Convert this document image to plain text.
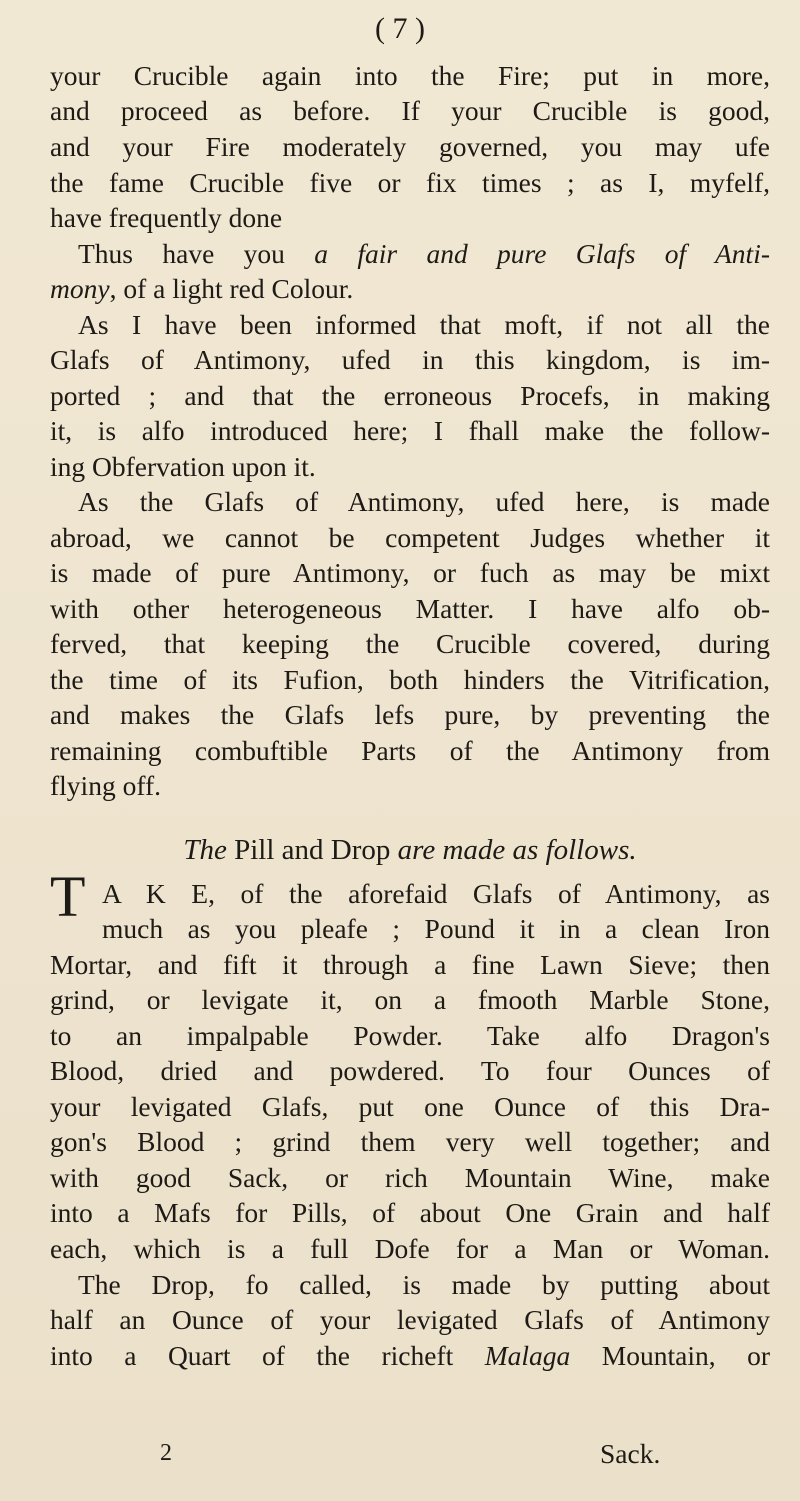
( 7 )
your Crucible again into the Fire; put in more,
and proceed as before. If your Crucible is good,
and your Fire moderately governed, you may ufe
the fame Crucible five or fix times ; as I, myfelf,
have frequently done
Thus have you a fair and pure Glafs of Anti-
mony, of a light red Colour.
As I have been informed that moft, if not all the
Glafs of Antimony, ufed in this kingdom, is im-
ported ; and that the erroneous Procefs, in making
it, is alfo introduced here; I fhall make the follow-
ing Obfervation upon it.
As the Glafs of Antimony, ufed here, is made
abroad, we cannot be competent Judges whether it
is made of pure Antimony, or fuch as may be mixt
with other heterogeneous Matter. I have alfo ob-
ferved, that keeping the Crucible covered, during
the time of its Fufion, both hinders the Vitrification,
and makes the Glafs lefs pure, by preventing the
remaining combuftible Parts of the Antimony from
flying off.
The Pill and Drop are made as follows.
A K E, of the aforefaid Glafs of Antimony, as
much as you pleafe ; Pound it in a clean Iron
Mortar, and fift it through a fine Lawn Sieve; then
grind, or levigate it, on a fmooth Marble Stone,
to an impalpable Powder. Take alfo Dragon's
Blood, dried and powdered. To four Ounces of
your levigated Glafs, put one Ounce of this Dra-
gon's Blood ; grind them very well together; and
with good Sack, or rich Mountain Wine, make
into a Mafs for Pills, of about One Grain and half
each, which is a full Dofe for a Man or Woman.
The Drop, fo called, is made by putting about
half an Ounce of your levigated Glafs of Antimony
into a Quart of the richeft Malaga Mountain, or
T
2	Sack.
